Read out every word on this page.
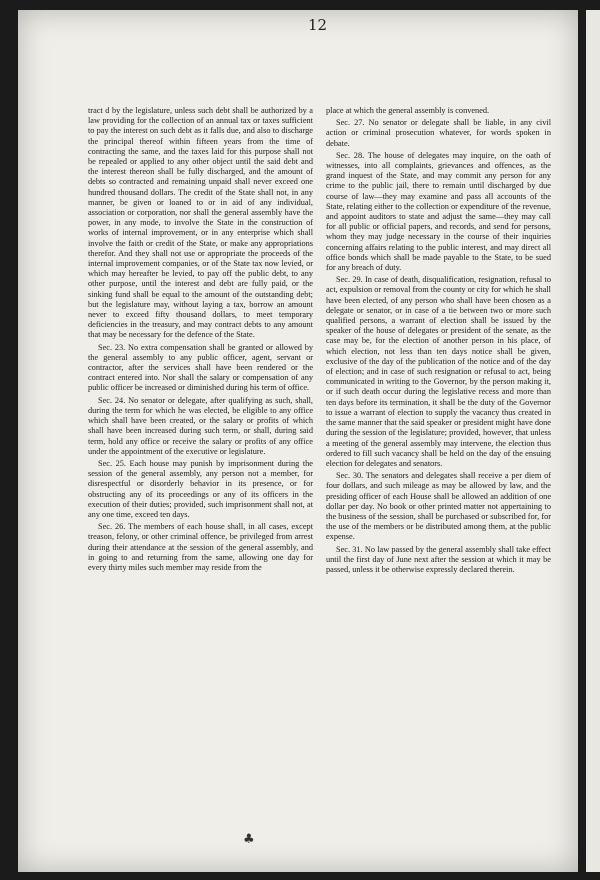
12

tract d by the legislature, unless such debt shall be authorized by a law providing for the collection of an annual tax or taxes sufficient to pay the interest on such debt as it falls due, and also to discharge the principal thereof within fifteen years from the time of contracting the same, and the taxes laid for this purpose shall not be repealed or applied to any other object until the said debt and the interest thereon shall be fully discharged, and the amount of debts so contracted and remaining unpaid shall never exceed one hundred thousand dollars. The credit of the State shall not, in any manner, be given or loaned to or in aid of any individual, association or corporation, nor shall the general assembly have the power, in any mode, to involve the State in the construction of works of internal improvement, or in any enterprise which shall involve the faith or credit of the State, or make any appropriations therefor. And they shall not use or appropriate the proceeds of the internal improvement companies, or of the State tax now levied, or which may hereafter be levied, to pay off the public debt, to any other purpose, until the interest and debt are fully paid, or the sinking fund shall be equal to the amount of the outstanding debt; but the legislature may, without laying a tax, borrow an amount never to exceed fifty thousand dollars, to meet temporary deficiencies in the treasury, and may contract debts to any amount that may be necessary for the defence of the State.

Sec. 23. No extra compensation shall be granted or allowed by the general assembly to any public officer, agent, servant or contractor, after the services shall have been rendered or the contract entered into. Nor shall the salary or compensation of any public officer be increased or diminished during his term of office.

Sec. 24. No senator or delegate, after qualifying as such, shall, during the term for which he was elected, be eligible to any office which shall have been created, or the salary or profits of which shall have been increased during such term, or shall, during said term, hold any office or receive the salary or profits of any office under the appointment of the executive or legislature.

Sec. 25. Each house may punish by imprisonment during the session of the general assembly, any person not a member, for disrespectful or disorderly behavior in its presence, or for obstructing any of its proceedings or any of its officers in the execution of their duties; provided, such imprisonment shall not, at any one time, exceed ten days.

Sec. 26. The members of each house shall, in all cases, except treason, felony, or other criminal offence, be privileged from arrest during their attendance at the session of the general assembly, and in going to and returning from the same, allowing one day for every thirty miles such member may reside from the

place at which the general assembly is convened.

Sec. 27. No senator or delegate shall be liable, in any civil action or criminal prosecution whatever, for words spoken in debate.

Sec. 28. The house of delegates may inquire, on the oath of witnesses, into all complaints, grievances and offences, as the grand inquest of the State, and may commit any person for any crime to the public jail, there to remain until discharged by due course of law—they may examine and pass all accounts of the State, relating either to the collection or expenditure of the revenue, and appoint auditors to state and adjust the same—they may call for all public or official papers, and records, and send for persons, whom they may judge necessary in the course of their inquiries concerning affairs relating to the public interest, and may direct all office bonds which shall be made payable to the State, to be sued for any breach of duty.

Sec. 29. In case of death, disqualification, resignation, refusal to act, expulsion or removal from the county or city for which he shall have been elected, of any person who shall have been chosen as a delegate or senator, or in case of a tie between two or more such qualified persons, a warrant of election shall be issued by the speaker of the house of delegates or president of the senate, as the case may be, for the election of another person in his place, of which election, not less than ten days notice shall be given, exclusive of the day of the publication of the notice and of the day of election; and in case of such resignation or refusal to act, being communicated in writing to the Governor, by the person making it, or if such death occur during the legislative recess and more than ten days before its termination, it shall be the duty of the Governor to issue a warrant of election to supply the vacancy thus created in the same manner that the said speaker or president might have done during the session of the legislature; provided, however, that unless a meeting of the general assembly may intervene, the election thus ordered to fill such vacancy shall be held on the day of the ensuing election for delegates and senators.

Sec. 30. The senators and delegates shall receive a per diem of four dollars, and such mileage as may be allowed by law, and the presiding officer of each House shall be allowed an addition of one dollar per day. No book or other printed matter not appertaining to the business of the session, shall be purchased or subscribed for, for the use of the members or be distributed among them, at the public expense.

Sec. 31. No law passed by the general assembly shall take effect until the first day of June next after the session at which it may be passed, unless it be otherwise expressly declared therein.

♣
